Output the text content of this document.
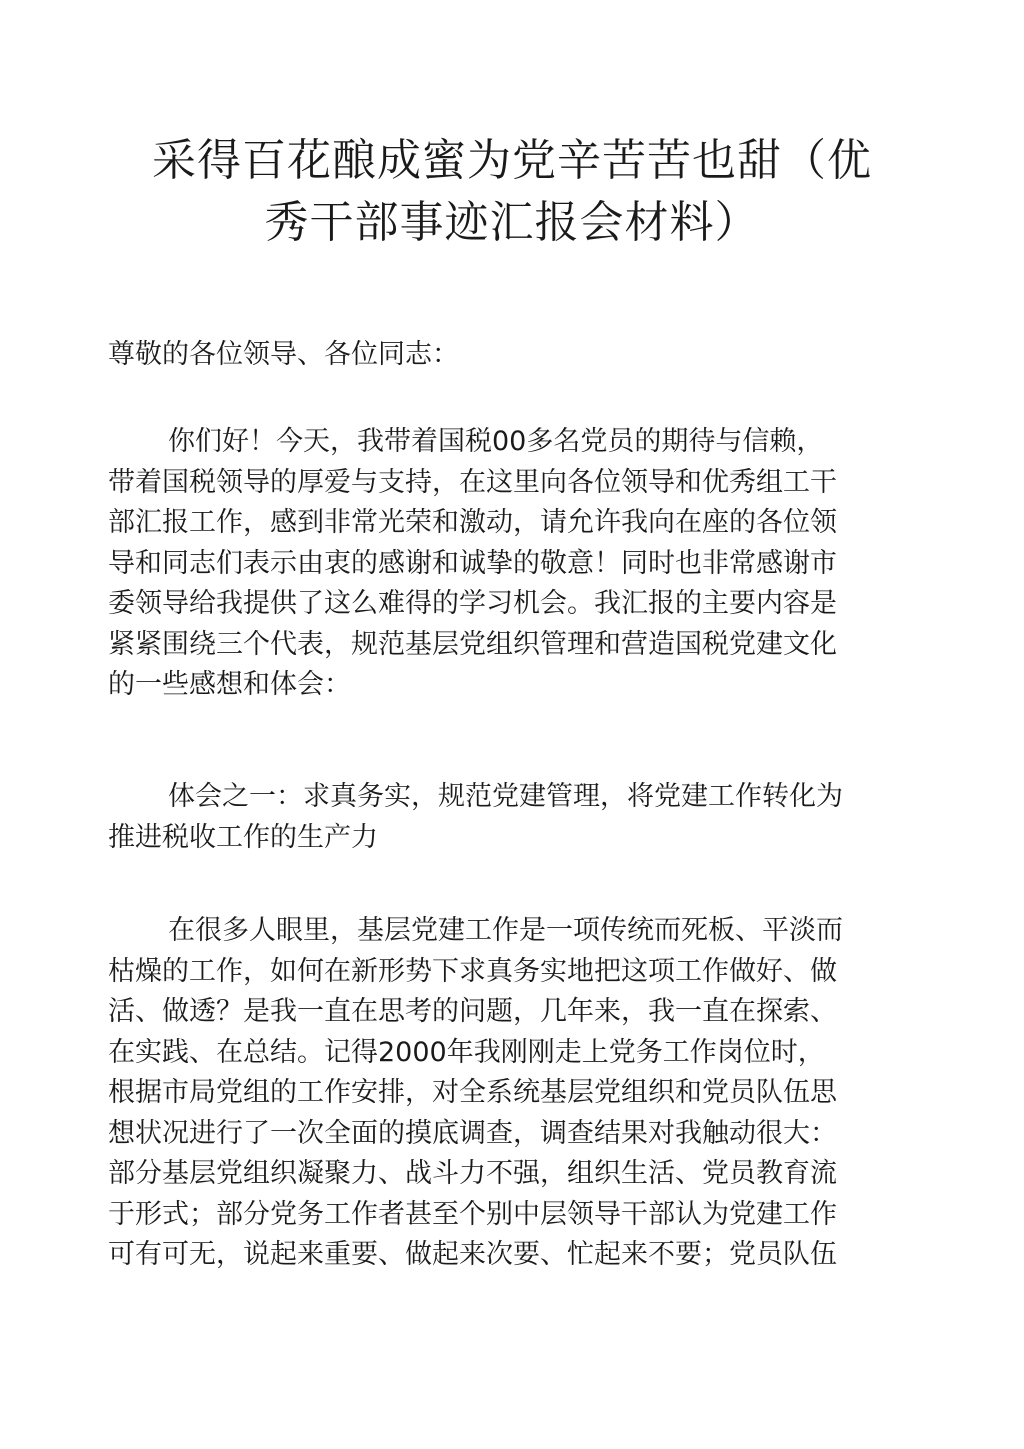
采得百花酿成蜜为党辛苦苦也甜（优
秀干部事迹汇报会材料）

尊敬的各位领导、各位同志：

你们好！今天，我带着国税00多名党员的期待与信赖，
带着国税领导的厚爱与支持，在这里向各位领导和优秀组工干
部汇报工作，感到非常光荣和激动，请允许我向在座的各位领
导和同志们表示由衷的感谢和诚挚的敬意！同时也非常感谢市
委领导给我提供了这么难得的学习机会。我汇报的主要内容是
紧紧围绕三个代表，规范基层党组织管理和营造国税党建文化
的一些感想和体会：

体会之一：求真务实，规范党建管理，将党建工作转化为
推进税收工作的生产力

在很多人眼里，基层党建工作是一项传统而死板、平淡而
枯燥的工作，如何在新形势下求真务实地把这项工作做好、做
活、做透？是我一直在思考的问题，几年来，我一直在探索、
在实践、在总结。记得2000年我刚刚走上党务工作岗位时，
根据市局党组的工作安排，对全系统基层党组织和党员队伍思
想状况进行了一次全面的摸底调查，调查结果对我触动很大：
部分基层党组织凝聚力、战斗力不强，组织生活、党员教育流
于形式；部分党务工作者甚至个别中层领导干部认为党建工作
可有可无，说起来重要、做起来次要、忙起来不要；党员队伍
